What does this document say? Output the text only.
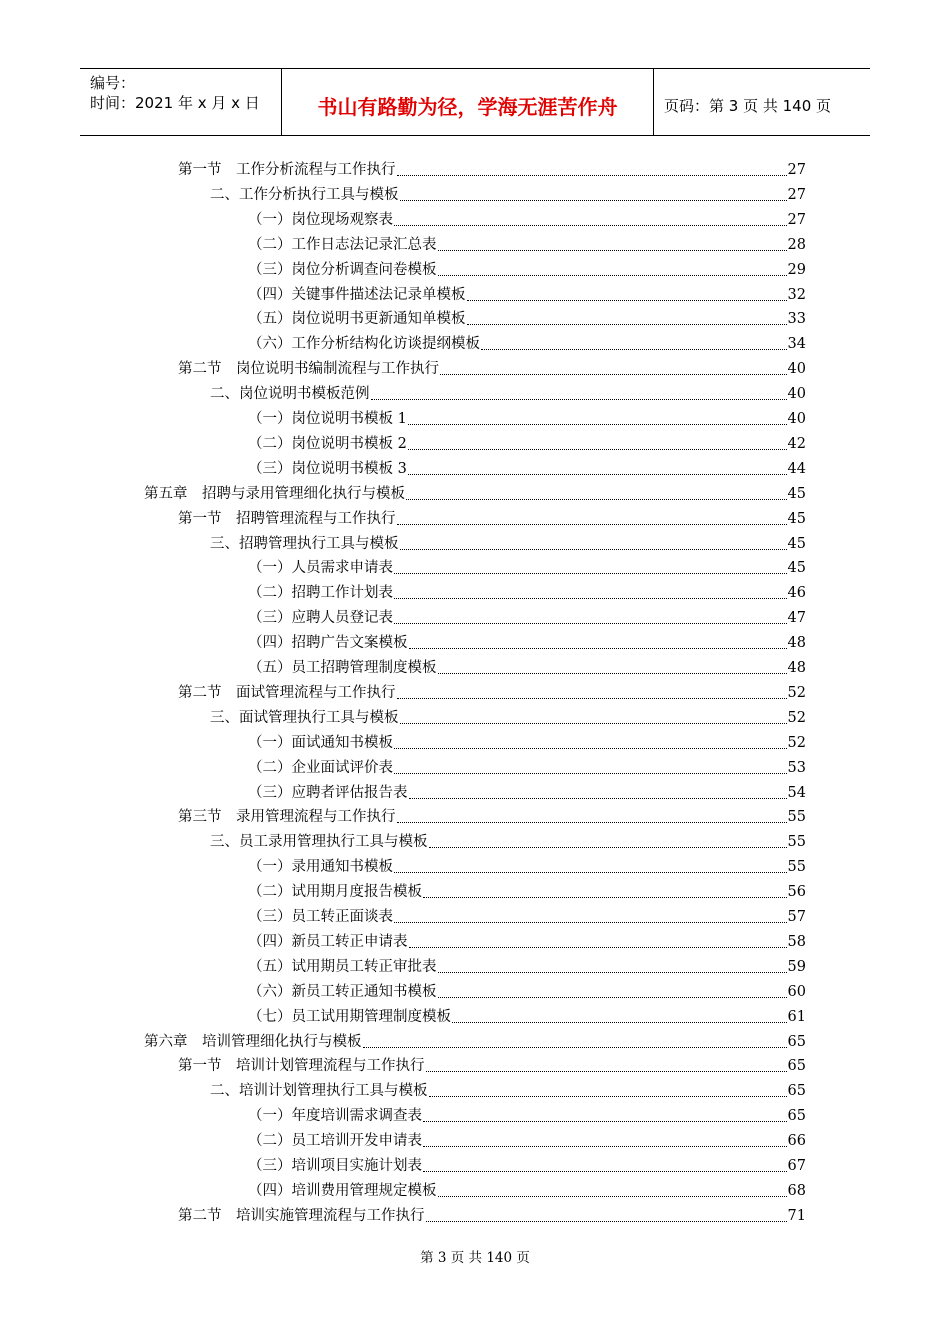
编号：
时间：2021 年 x 月 x 日	书山有路勤为径，学海无涯苦作舟	页码：第 3 页 共 140 页
第一节　工作分析流程与工作执行	27
二、工作分析执行工具与模板	27
（一）岗位现场观察表	27
（二）工作日志法记录汇总表	28
（三）岗位分析调查问卷模板	29
（四）关键事件描述法记录单模板	32
（五）岗位说明书更新通知单模板	33
（六）工作分析结构化访谈提纲模板	34
第二节　岗位说明书编制流程与工作执行	40
二、岗位说明书模板范例	40
（一）岗位说明书模板 1	40
（二）岗位说明书模板 2	42
（三）岗位说明书模板 3	44
第五章　招聘与录用管理细化执行与模板	45
第一节　招聘管理流程与工作执行	45
三、招聘管理执行工具与模板	45
（一）人员需求申请表	45
（二）招聘工作计划表	46
（三）应聘人员登记表	47
（四）招聘广告文案模板	48
（五）员工招聘管理制度模板	48
第二节　面试管理流程与工作执行	52
三、面试管理执行工具与模板	52
（一）面试通知书模板	52
（二）企业面试评价表	53
（三）应聘者评估报告表	54
第三节　录用管理流程与工作执行	55
三、员工录用管理执行工具与模板	55
（一）录用通知书模板	55
（二）试用期月度报告模板	56
（三）员工转正面谈表	57
（四）新员工转正申请表	58
（五）试用期员工转正审批表	59
（六）新员工转正通知书模板	60
（七）员工试用期管理制度模板	61
第六章　培训管理细化执行与模板	65
第一节　培训计划管理流程与工作执行	65
二、培训计划管理执行工具与模板	65
（一）年度培训需求调查表	65
（二）员工培训开发申请表	66
（三）培训项目实施计划表	67
（四）培训费用管理规定模板	68
第二节　培训实施管理流程与工作执行	71
第 3 页 共 140 页
